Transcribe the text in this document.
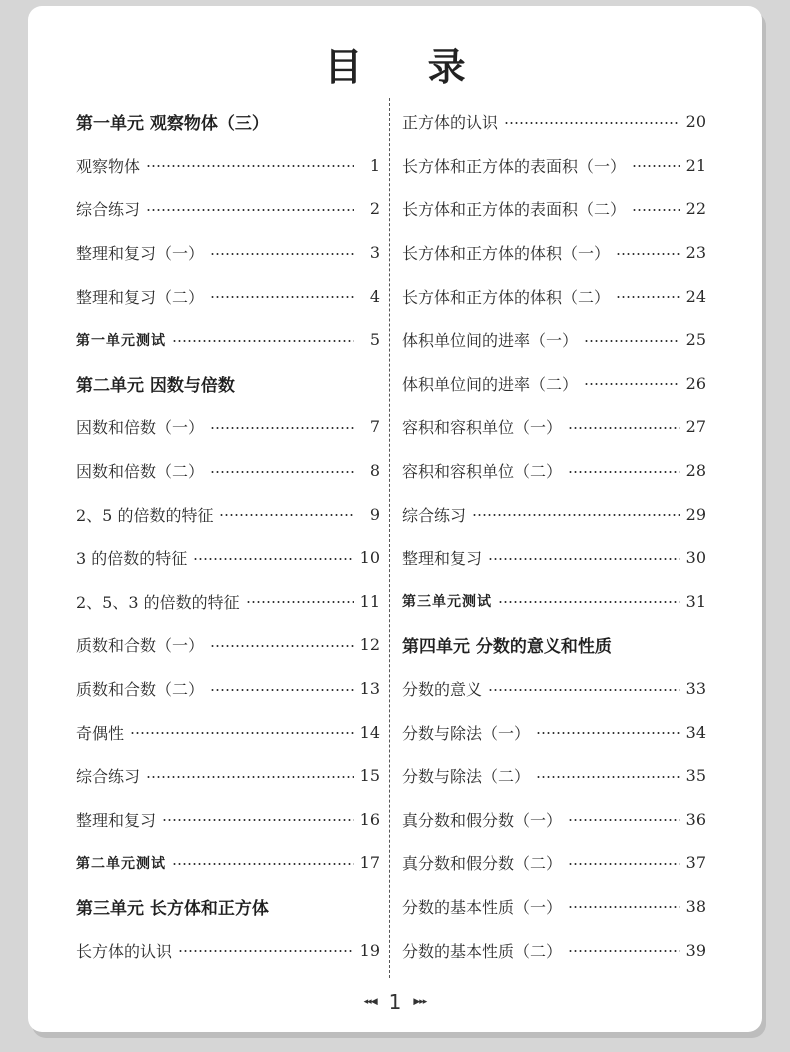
目 录
第一单元 观察物体（三）
观察物体	1
综合练习	2
整理和复习（一）	3
整理和复习（二）	4
第一单元测试	5
第二单元 因数与倍数
因数和倍数（一）	7
因数和倍数（二）	8
2、5 的倍数的特征	9
3 的倍数的特征	10
2、5、3 的倍数的特征	11
质数和合数（一）	12
质数和合数（二）	13
奇偶性	14
综合练习	15
整理和复习	16
第二单元测试	17
第三单元 长方体和正方体
长方体的认识	19
正方体的认识	20
长方体和正方体的表面积（一）	21
长方体和正方体的表面积（二）	22
长方体和正方体的体积（一）	23
长方体和正方体的体积（二）	24
体积单位间的进率（一）	25
体积单位间的进率（二）	26
容积和容积单位（一）	27
容积和容积单位（二）	28
综合练习	29
整理和复习	30
第三单元测试	31
第四单元 分数的意义和性质
分数的意义	33
分数与除法（一）	34
分数与除法（二）	35
真分数和假分数（一）	36
真分数和假分数（二）	37
分数的基本性质（一）	38
分数的基本性质（二）	39
◂◂◀ 1 ▶▸▸
